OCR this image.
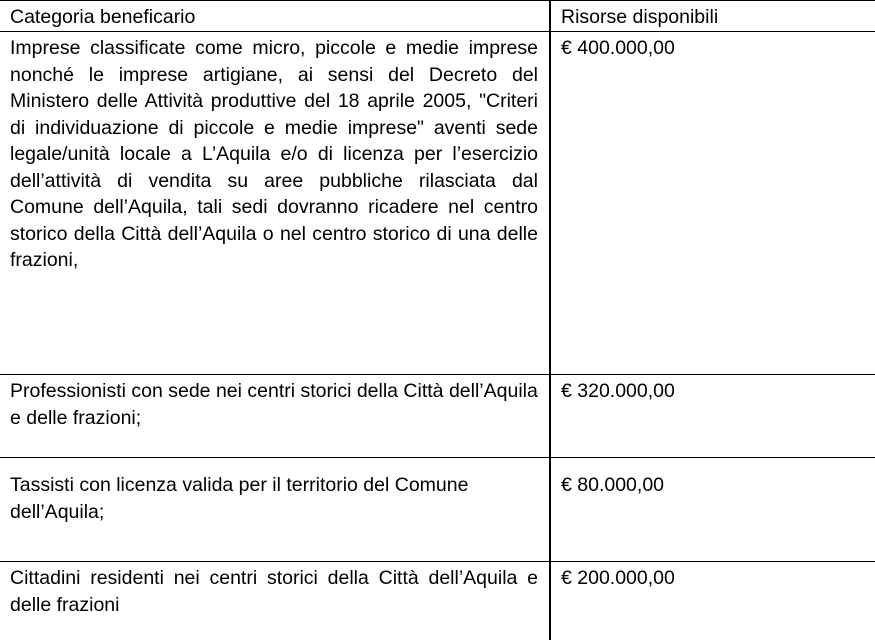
Categoria beneficario	Risorse disponibili
Imprese classificate come micro, piccole e medie imprese nonché le imprese artigiane, ai sensi del Decreto del Ministero delle Attività produttive del 18 aprile 2005, "Criteri di individuazione di piccole e medie imprese" aventi sede legale/unità locale a L’Aquila e/o di licenza per l’esercizio dell’attività di vendita su aree pubbliche rilasciata dal Comune dell’Aquila, tali sedi dovranno ricadere nel centro storico della Città dell’Aquila o nel centro storico di una delle frazioni,
€ 400.000,00
Professionisti con sede nei centri storici della Città dell’Aquila e delle frazioni;
€ 320.000,00
Tassisti con licenza valida per il territorio del Comune dell’Aquila;
€ 80.000,00
Cittadini residenti nei centri storici della Città dell’Aquila e delle frazioni
€ 200.000,00
